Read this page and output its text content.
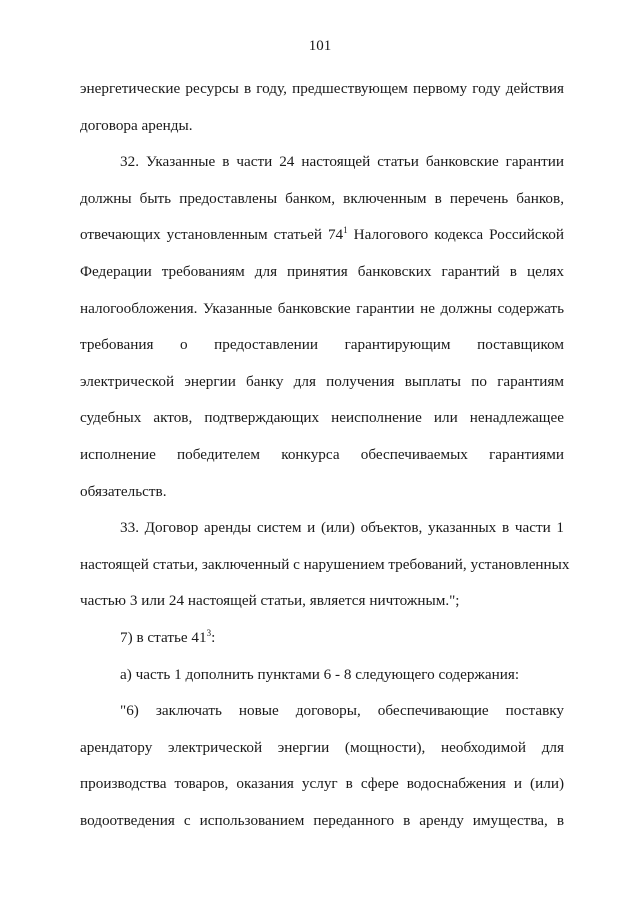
101
энергетические ресурсы в году, предшествующем первому году действия
договора аренды.
32. Указанные в части 24 настоящей статьи банковские гарантии
должны быть предоставлены банком, включенным в перечень банков,
отвечающих установленным статьей $74^1$ Налогового кодекса Российской
Федерации требованиям для принятия банковских гарантий в целях
налогообложения. Указанные банковские гарантии не должны содержать
требования о предоставлении гарантирующим поставщиком
электрической энергии банку для получения выплаты по гарантиям
судебных актов, подтверждающих неисполнение или ненадлежащее
исполнение победителем конкурса обеспечиваемых гарантиями
обязательств.
33. Договор аренды систем и (или) объектов, указанных в части 1
настоящей статьи, заключенный с нарушением требований, установленных
частью 3 или 24 настоящей статьи, является ничтожным.";
7) в статье $41^3$:
а) часть 1 дополнить пунктами 6 - 8 следующего содержания:
"6) заключать новые договоры, обеспечивающие поставку
арендатору электрической энергии (мощности), необходимой для
производства товаров, оказания услуг в сфере водоснабжения и (или)
водоотведения с использованием переданного в аренду имущества, в
